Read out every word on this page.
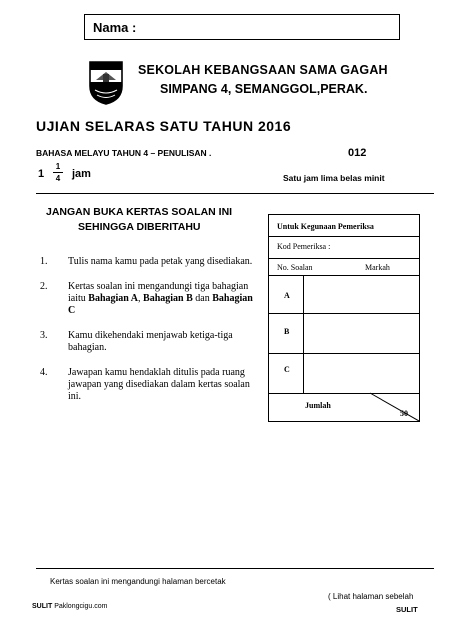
Nama :
SEKOLAH KEBANGSAAN SAMA GAGAH
SIMPANG 4, SEMANGGOL,PERAK.
UJIAN SELARAS SATU TAHUN 2016
BAHASA MELAYU TAHUN 4 – PENULISAN .	012
1
1
4 jam	Satu jam lima belas minit
JANGAN BUKA KERTAS SOALAN INI
SEHINGGA DIBERITAHU
1. Tulis nama kamu pada petak yang disediakan.
2. Kertas soalan ini mengandungi tiga bahagian iaitu Bahagian A, Bahagian B dan Bahagian C
3. Kamu dikehendaki menjawab ketiga-tiga bahagian.
4. Jawapan kamu hendaklah ditulis pada ruang jawapan yang disediakan dalam kertas soalan ini.
Untuk Kegunaan Pemeriksa
Kod Pemeriksa :
No. Soalan	Markah
A
B
C
Jumlah
50
Kertas soalan ini mengandungi halaman bercetak
( Lihat halaman sebelah
SULIT Paklongcigu.com	SULIT
